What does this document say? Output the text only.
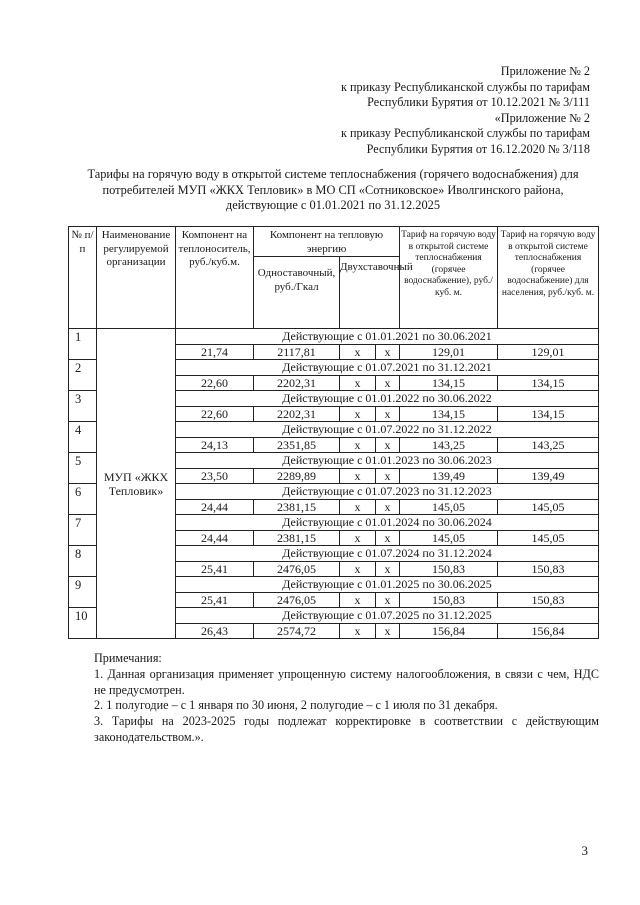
Приложение № 2
к приказу Республиканской службы по тарифам
Республики Бурятия от 10.12.2021 № 3/111
«Приложение № 2
к приказу Республиканской службы по тарифам
Республики Бурятия от 16.12.2020 № 3/118
Тарифы на горячую воду в открытой системе теплоснабжения (горячего водоснабжения) для
потребителей МУП «ЖКХ Тепловик» в МО СП «Сотниковское» Иволгинского района,
действующие с 01.01.2021 по 31.12.2025
№ п/ п	Наименование регулируемой организации	Компонент на теплоноситель, руб./куб.м.	Компонент на тепловую энергию			Тариф на горячую воду в открытой системе теплоснабжения (горячее водоснабжение), руб./куб. м.	Тариф на горячую воду в открытой системе теплоснабжения (горячее водоснабжение) для населения, руб./куб. м.
			Одноставочный, руб./Гкал	Двухставочный			
1	МУП «ЖКХ Тепловик»	Действующие с 01.01.2021 по 30.06.2021					
		21,74	2117,81	х	х	129,01	129,01
2		Действующие с 01.07.2021 по 31.12.2021					
		22,60	2202,31	х	х	134,15	134,15
3		Действующие с 01.01.2022 по 30.06.2022					
		22,60	2202,31	х	х	134,15	134,15
4		Действующие с 01.07.2022 по 31.12.2022					
		24,13	2351,85	х	х	143,25	143,25
5		Действующие с 01.01.2023 по 30.06.2023					
		23,50	2289,89	х	х	139,49	139,49
6		Действующие с 01.07.2023 по 31.12.2023					
		24,44	2381,15	х	х	145,05	145,05
7		Действующие с 01.01.2024 по 30.06.2024					
		24,44	2381,15	х	х	145,05	145,05
8		Действующие с 01.07.2024 по 31.12.2024					
		25,41	2476,05	х	х	150,83	150,83
9		Действующие с 01.01.2025 по 30.06.2025					
		25,41	2476,05	х	х	150,83	150,83
10		Действующие с 01.07.2025 по 31.12.2025					
		26,43	2574,72	х	х	156,84	156,84

Примечания:

1. Данная организация применяет упрощенную систему налогообложения, в связи с чем, НДС не предусмотрен.

2. 1 полугодие – с 1 января по 30 июня, 2 полугодие – с 1 июля по 31 декабря.

3. Тарифы на 2023-2025 годы подлежат корректировке в соответствии с действующим законодательством.».

3
